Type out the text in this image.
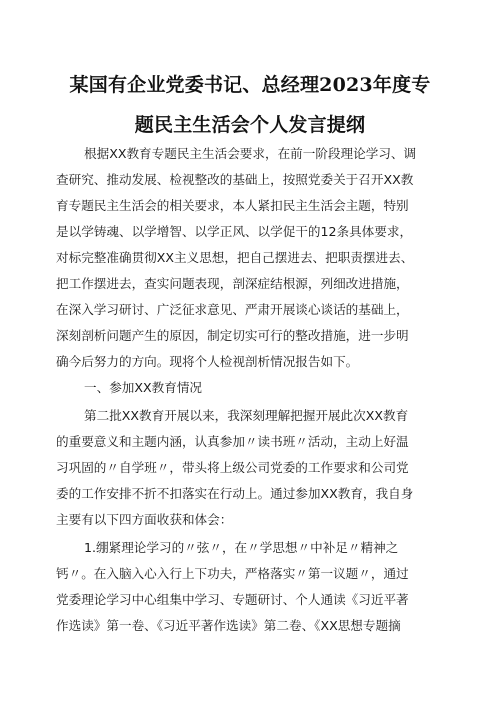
某国有企业党委书记、总经理2023年度专
题民主生活会个人发言提纲
根据XX教育专题民主生活会要求，在前一阶段理论学习、调
查研究、推动发展、检视整改的基础上，按照党委关于召开XX教
育专题民主生活会的相关要求，本人紧扣民主生活会主题，特别
是以学铸魂、以学增智、以学正风、以学促干的12条具体要求，
对标完整准确贯彻XX主义思想，把自己摆进去、把职责摆进去、
把工作摆进去，查实问题表现，剖深症结根源，列细改进措施，
在深入学习研讨、广泛征求意见、严肃开展谈心谈话的基础上，
深刻剖析问题产生的原因，制定切实可行的整改措施，进一步明
确今后努力的方向。现将个人检视剖析情况报告如下。
一、参加XX教育情况
第二批XX教育开展以来，我深刻理解把握开展此次XX教育
的重要意义和主题内涵，认真参加〃读书班〃活动，主动上好温
习巩固的〃自学班〃，带头将上级公司党委的工作要求和公司党
委的工作安排不折不扣落实在行动上。通过参加XX教育，我自身
主要有以下四方面收获和体会：
1.绷紧理论学习的〃弦〃，在〃学思想〃中补足〃精神之
钙〃。在入脑入心入行上下功夫，严格落实〃第一议题〃，通过
党委理论学习中心组集中学习、专题研讨、个人通读《习近平著
作选读》第一卷、《习近平著作选读》第二卷、《XX思想专题摘
